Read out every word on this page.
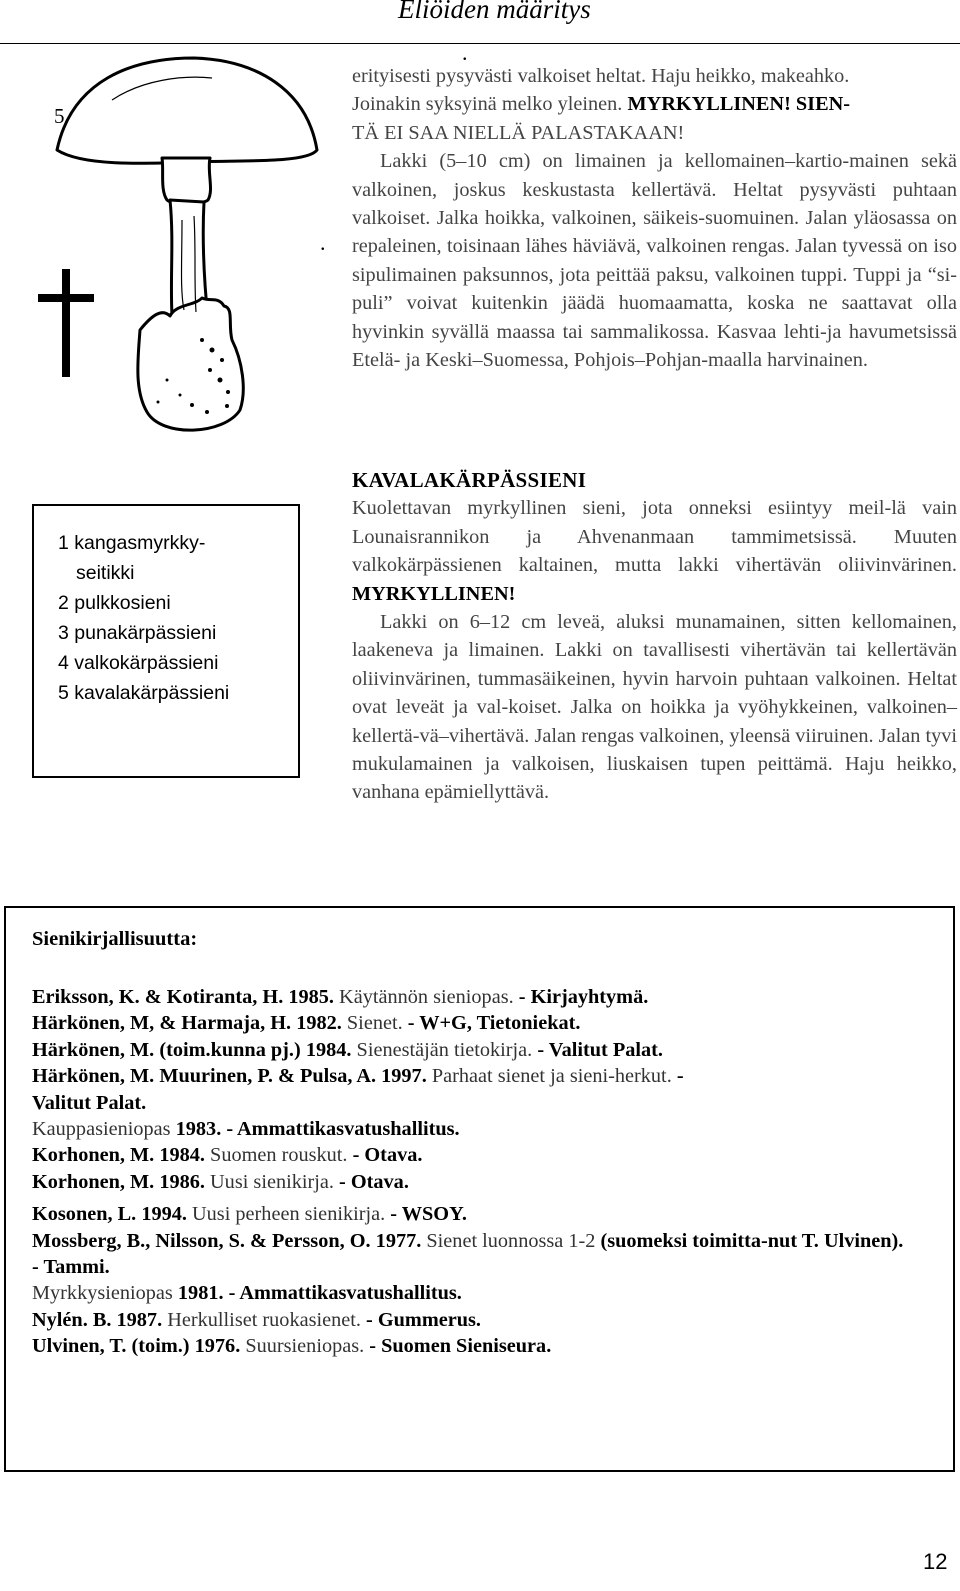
Eliöiden määritys
.
.
5

erityisesti pysyvästi valkoiset heltat. Haju heikko, makeahko.

Joinakin syksyinä melko yleinen. MYRKYLLINEN! SIEN-

TÄ EI SAA NIELLÄ PALASTAKAAN!

Lakki (5–10 cm) on limainen ja kellomainen–kartio-mainen sekä valkoinen, joskus keskustasta kellertävä. Heltat pysyvästi puhtaan valkoiset. Jalka hoikka, valkoinen, säikeis-suomuinen. Jalan yläosassa on repaleinen, toisinaan lähes häviävä, valkoinen rengas. Jalan tyvessä on iso sipulimainen paksunnos, jota peittää paksu, valkoinen tuppi. Tuppi ja “si-puli” voivat kuitenkin jäädä huomaamatta, koska ne saattavat olla hyvinkin syvällä maassa tai sammalikossa. Kasvaa lehti-ja havumetsissä Etelä- ja Keski–Suomessa, Pohjois–Pohjan-maalla harvinainen.

KAVALAKÄRPÄSSIENI

Kuolettavan myrkyllinen sieni, jota onneksi esiintyy meil-lä vain Lounaisrannikon ja Ahvenanmaan tammimetsissä. Muuten valkokärpässienen kaltainen, mutta lakki vihertävän oliivinvärinen. MYRKYLLINEN!

Lakki on 6–12 cm leveä, aluksi munamainen, sitten kellomainen, laakeneva ja limainen. Lakki on tavallisesti vihertävän tai kellertävän oliivinvärinen, tummasäikeinen, hyvin harvoin puhtaan valkoinen. Heltat ovat leveät ja val-koiset. Jalka on hoikka ja vyöhykkeinen, valkoinen–kellertä-vä–vihertävä. Jalan rengas valkoinen, yleensä viiruinen. Jalan tyvi mukulamainen ja valkoisen, liuskaisen tupen peittämä. Haju heikko, vanhana epämiellyttävä.

1 kangasmyrkky-
seitikki
2 pulkkosieni
3 punakärpässieni
4 valkokärpässieni
5 kavalakärpässieni
Sienikirjallisuutta:

Eriksson, K. & Kotiranta, H. 1985. Käytännön sieniopas. - Kirjayhtymä.

Härkönen, M, & Harmaja, H. 1982. Sienet. - W+G, Tietoniekat.

Härkönen, M. (toim.kunna pj.) 1984. Sienestäjän tietokirja. - Valitut Palat.

Härkönen, M. Muurinen, P. & Pulsa, A. 1997. Parhaat sienet ja sieni-herkut. - Valitut Palat.

Kauppasieniopas 1983. - Ammattikasvatushallitus.

Korhonen, M. 1984. Suomen rouskut. - Otava.

Korhonen, M. 1986. Uusi sienikirja. - Otava.

Kosonen, L. 1994. Uusi perheen sienikirja. - WSOY.

Mossberg, B., Nilsson, S. & Persson, O. 1977. Sienet luonnossa 1-2 (suomeksi toimitta-nut T. Ulvinen). - Tammi.

Myrkkysieniopas 1981. - Ammattikasvatushallitus.

Nylén. B. 1987. Herkulliset ruokasienet. - Gummerus.

Ulvinen, T. (toim.) 1976. Suursieniopas. - Suomen Sieniseura.

12
